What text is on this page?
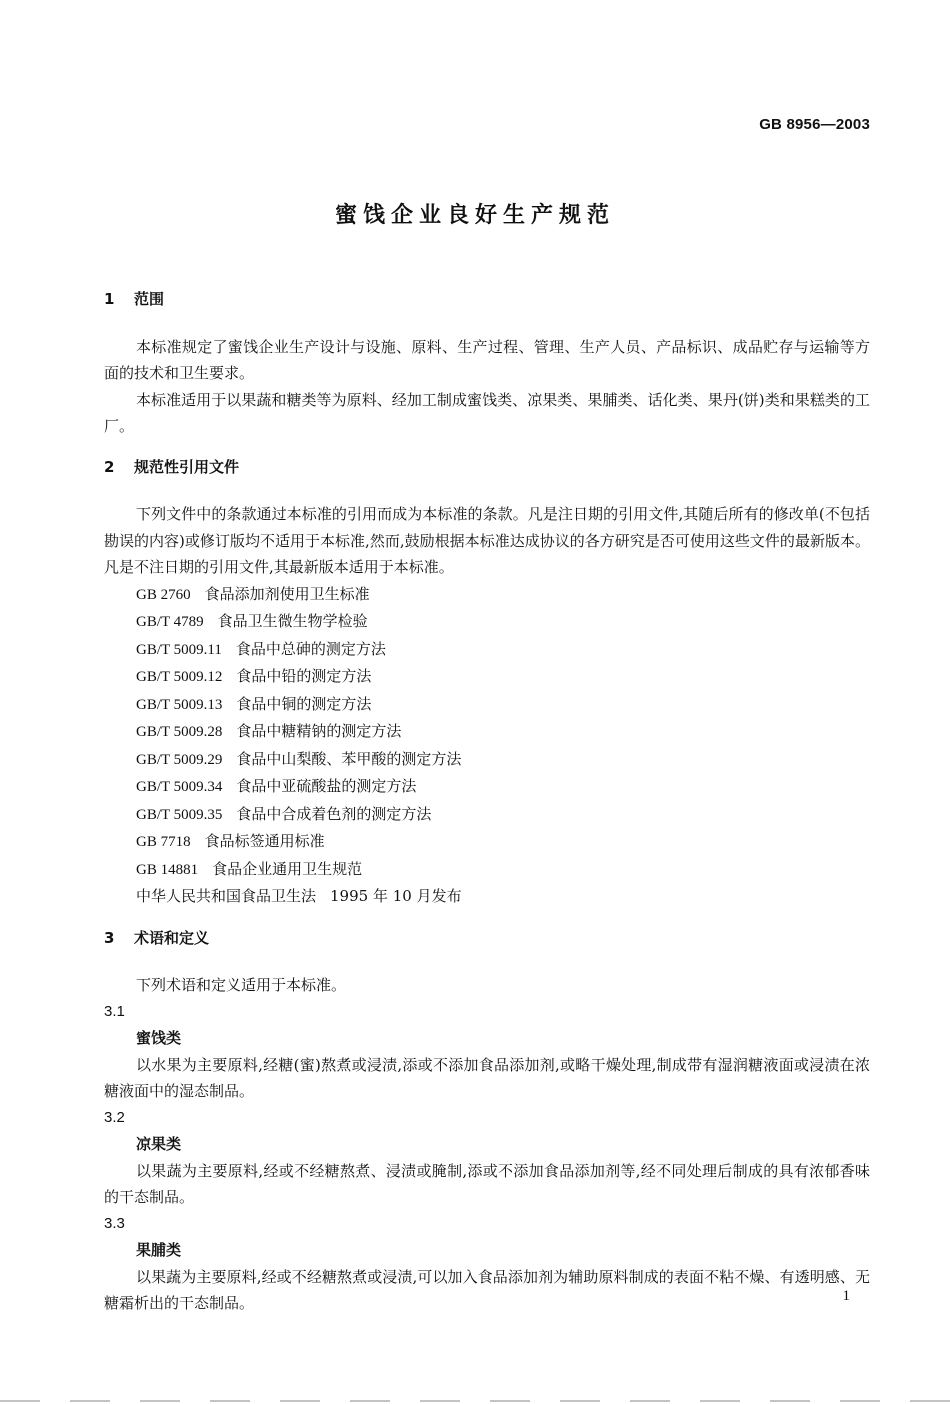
GB 8956—2003
蜜饯企业良好生产规范

1 范围

本标准规定了蜜饯企业生产设计与设施、原料、生产过程、管理、生产人员、产品标识、成品贮存与运输等方面的技术和卫生要求。

本标准适用于以果蔬和糖类等为原料、经加工制成蜜饯类、凉果类、果脯类、话化类、果丹(饼)类和果糕类的工厂。

2 规范性引用文件

下列文件中的条款通过本标准的引用而成为本标准的条款。凡是注日期的引用文件,其随后所有的修改单(不包括勘误的内容)或修订版均不适用于本标准,然而,鼓励根据本标准达成协议的各方研究是否可使用这些文件的最新版本。凡是不注日期的引用文件,其最新版本适用于本标准。

GB 2760 食品添加剂使用卫生标准
GB/T 4789 食品卫生微生物学检验
GB/T 5009.11 食品中总砷的测定方法
GB/T 5009.12 食品中铅的测定方法
GB/T 5009.13 食品中铜的测定方法
GB/T 5009.28 食品中糖精钠的测定方法
GB/T 5009.29 食品中山梨酸、苯甲酸的测定方法
GB/T 5009.34 食品中亚硫酸盐的测定方法
GB/T 5009.35 食品中合成着色剂的测定方法
GB 7718 食品标签通用标准
GB 14881 食品企业通用卫生规范
中华人民共和国食品卫生法 1995 年 10 月发布

3 术语和定义

下列术语和定义适用于本标准。

3.1

蜜饯类

以水果为主要原料,经糖(蜜)熬煮或浸渍,添或不添加食品添加剂,或略干燥处理,制成带有湿润糖液面或浸渍在浓糖液面中的湿态制品。

3.2

凉果类

以果蔬为主要原料,经或不经糖熬煮、浸渍或腌制,添或不添加食品添加剂等,经不同处理后制成的具有浓郁香味的干态制品。

3.3

果脯类

以果蔬为主要原料,经或不经糖熬煮或浸渍,可以加入食品添加剂为辅助原料制成的表面不粘不燥、有透明感、无糖霜析出的干态制品。	1
